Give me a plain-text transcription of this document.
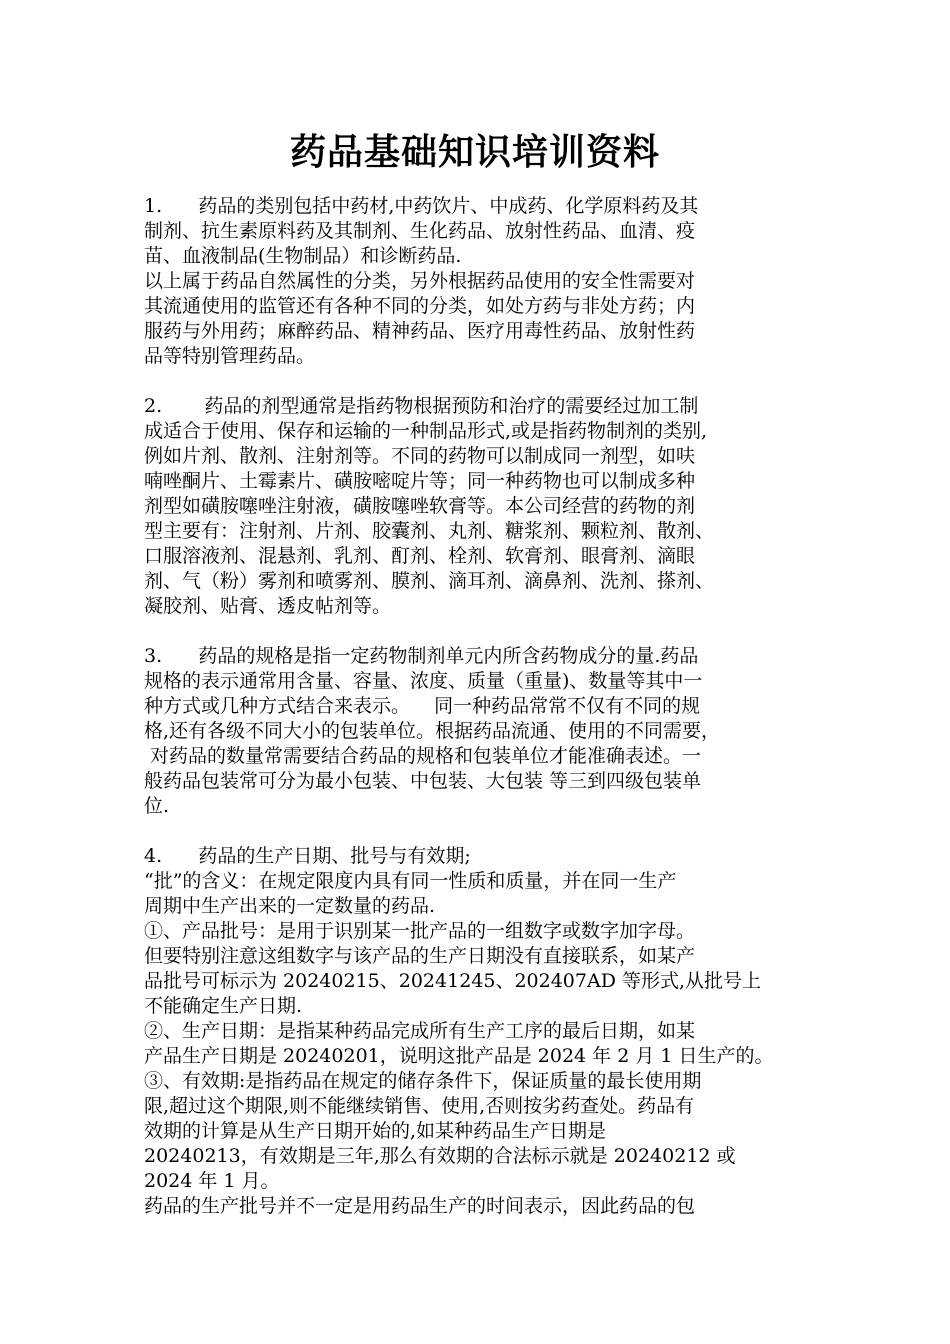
药品基础知识培训资料
1.      药品的类别包括中药材,中药饮片、中成药、化学原料药及其
制剂、抗生素原料药及其制剂、生化药品、放射性药品、血清、疫
苗、血液制品(生物制品）和诊断药品.
以上属于药品自然属性的分类，另外根据药品使用的安全性需要对
其流通使用的监管还有各种不同的分类，如处方药与非处方药；内
服药与外用药；麻醉药品、精神药品、医疗用毒性药品、放射性药
品等特别管理药品。
2.       药品的剂型通常是指药物根据预防和治疗的需要经过加工制
成适合于使用、保存和运输的一种制品形式,或是指药物制剂的类别,
例如片剂、散剂、注射剂等。不同的药物可以制成同一剂型，如呋
喃唑酮片、土霉素片、磺胺嘧啶片等；同一种药物也可以制成多种
剂型如磺胺噻唑注射液，磺胺噻唑软膏等。本公司经营的药物的剂
型主要有：注射剂、片剂、胶囊剂、丸剂、糖浆剂、颗粒剂、散剂、
口服溶液剂、混悬剂、乳剂、酊剂、栓剂、软膏剂、眼膏剂、滴眼
剂、气（粉）雾剂和喷雾剂、膜剂、滴耳剂、滴鼻剂、洗剂、搽剂、
凝胶剂、贴膏、透皮帖剂等。
3.      药品的规格是指一定药物制剂单元内所含药物成分的量.药品
规格的表示通常用含量、容量、浓度、质量（重量)、数量等其中一
种方式或几种方式结合来表示。    同一种药品常常不仅有不同的规
格,还有各级不同大小的包装单位。根据药品流通、使用的不同需要，
对药品的数量常需要结合药品的规格和包装单位才能准确表述。一
般药品包装常可分为最小包装、中包装、大包装 等三到四级包装单
位.
4.      药品的生产日期、批号与有效期;
“批”的含义：在规定限度内具有同一性质和质量，并在同一生产
周期中生产出来的一定数量的药品.
①、产品批号：是用于识别某一批产品的一组数字或数字加字母。
但要特别注意这组数字与该产品的生产日期没有直接联系，如某产
品批号可标示为 20240215、20241245、202407AD 等形式,从批号上
不能确定生产日期.
②、生产日期：是指某种药品完成所有生产工序的最后日期，如某
产品生产日期是 20240201，说明这批产品是 2024 年 2 月 1 日生产的。
③、有效期:是指药品在规定的储存条件下，保证质量的最长使用期
限,超过这个期限,则不能继续销售、使用,否则按劣药查处。药品有
效期的计算是从生产日期开始的,如某种药品生产日期是
20240213，有效期是三年,那么有效期的合法标示就是 20240212 或
2024 年 1 月。
药品的生产批号并不一定是用药品生产的时间表示，因此药品的包
